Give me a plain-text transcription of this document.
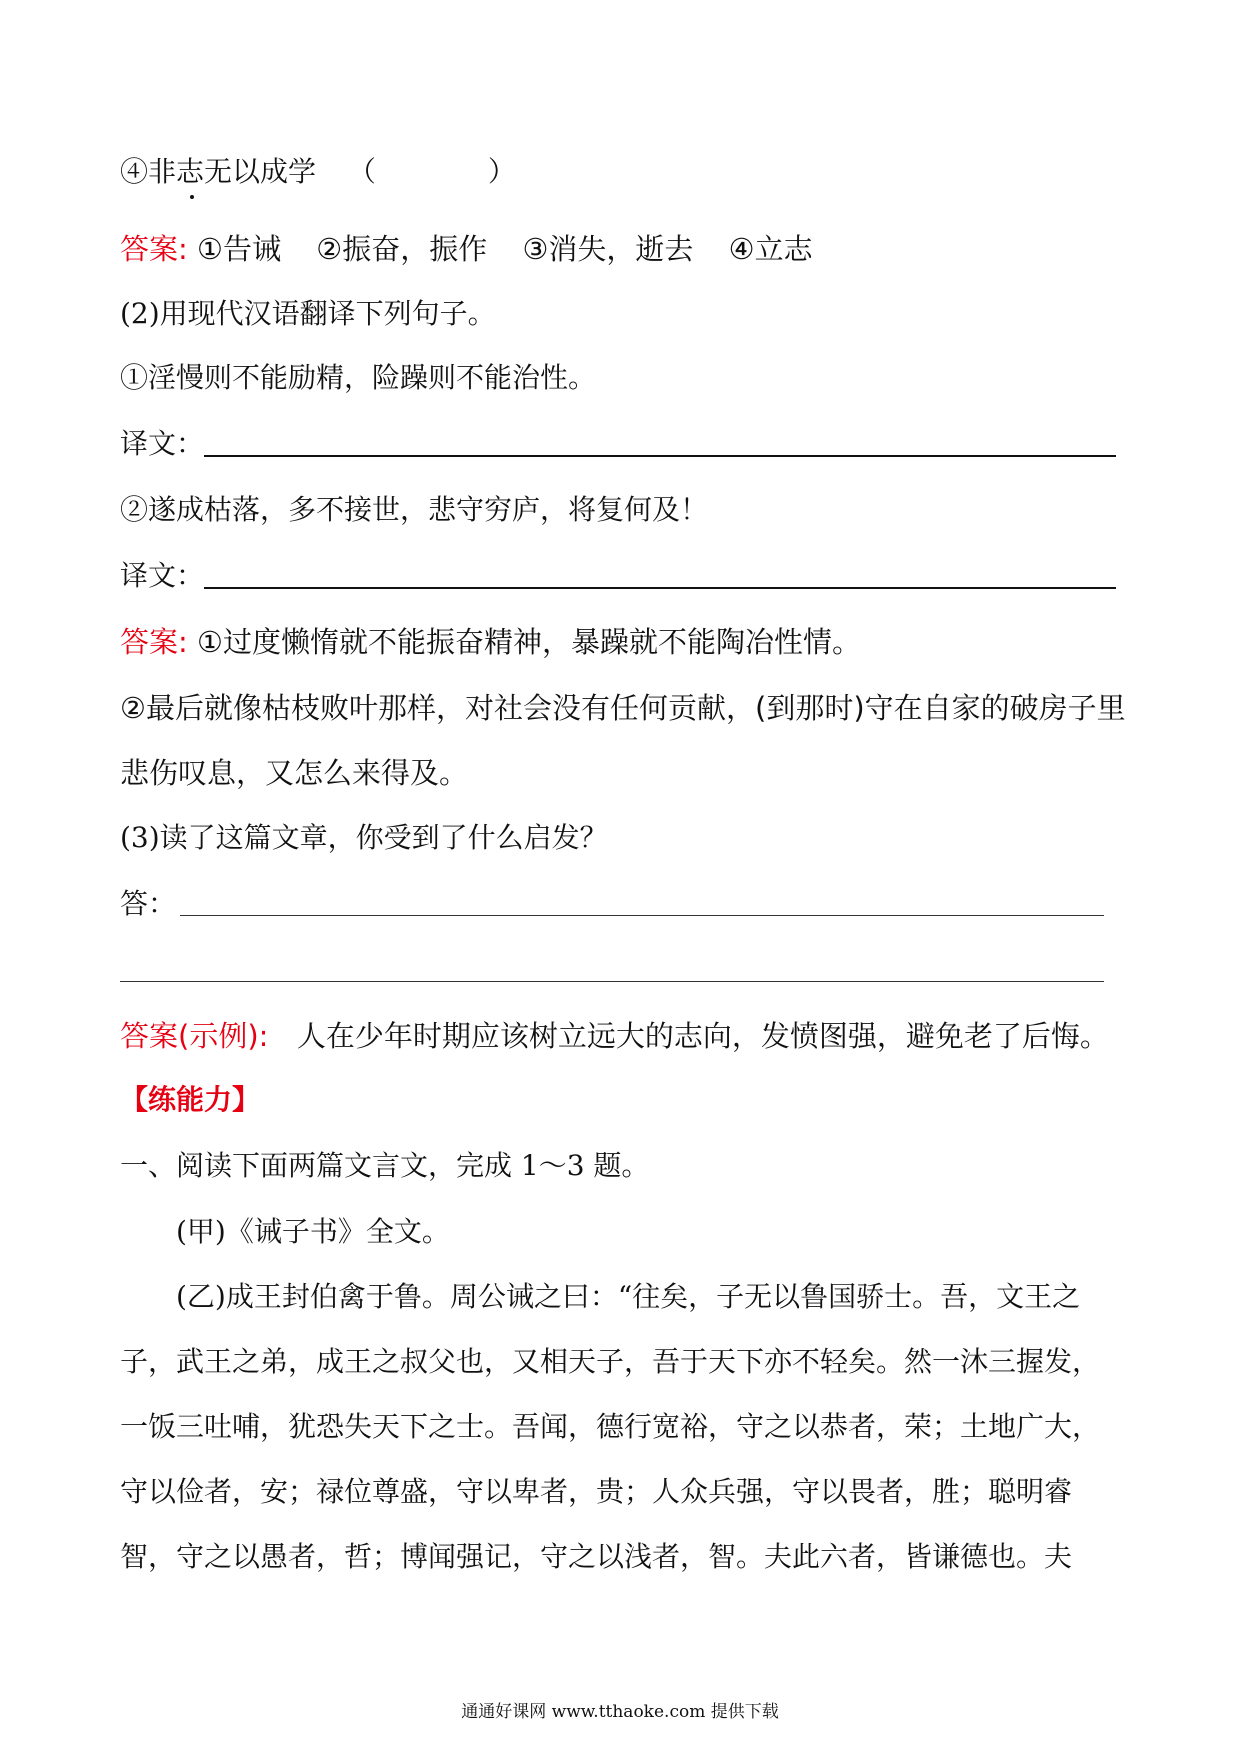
④非志无以成学 （　　　　）
答案: ①告诫 ②振奋，振作 ③消失，逝去 ④立志
(2)用现代汉语翻译下列句子。
①淫慢则不能励精，险躁则不能治性。
译文：
②遂成枯落，多不接世，悲守穷庐，将复何及！
译文：
答案: ①过度懒惰就不能振奋精神，暴躁就不能陶冶性情。
②最后就像枯枝败叶那样，对社会没有任何贡献，(到那时)守在自家的破房子里
悲伤叹息，又怎么来得及。
(3)读了这篇文章，你受到了什么启发？
答：
答案(示例): 人在少年时期应该树立远大的志向，发愤图强，避免老了后悔。
【练能力】
一、阅读下面两篇文言文，完成 1～3 题。
(甲)《诫子书》全文。
(乙)成王封伯禽于鲁。周公诫之曰：“往矣，子无以鲁国骄士。吾，文王之
子，武王之弟，成王之叔父也，又相天子，吾于天下亦不轻矣。然一沐三握发，
一饭三吐哺，犹恐失天下之士。吾闻，德行宽裕，守之以恭者，荣；土地广大，
守以俭者，安；禄位尊盛，守以卑者，贵；人众兵强，守以畏者，胜；聪明睿
智，守之以愚者，哲；博闻强记，守之以浅者，智。夫此六者，皆谦德也。夫
通通好课网 www.tthaoke.com 提供下载
